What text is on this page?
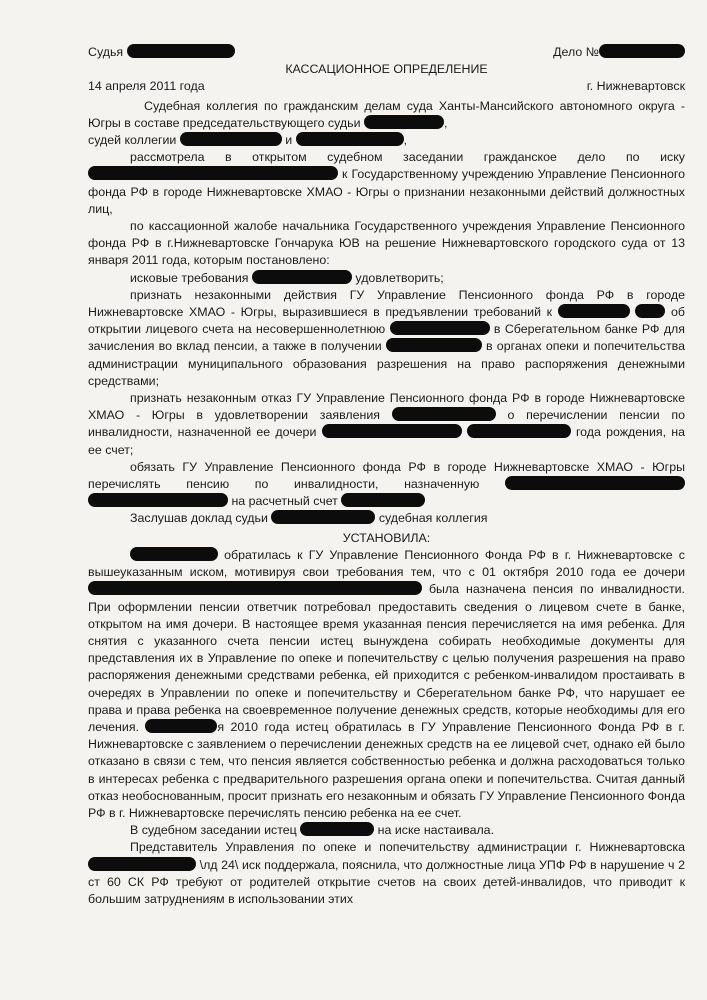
Судья	Дело №
КАССАЦИОННОЕ ОПРЕДЕЛЕНИЕ
14 апреля 2011 года	г. Нижневартовск
Судебная коллегия по гражданским делам суда Ханты-Мансийского автономного округа - Югры в составе председательствующего судьи	,
судей коллегии	и	,
рассмотрела в открытом судебном заседании гражданское дело по иску  к Государственному учреждению Управление Пенсионного фонда РФ в городе Нижневартовске ХМАО - Югры о признании незаконными действий должностных лиц,
по кассационной жалобе начальника Государственного учреждения Управление Пенсионного фонда РФ в г.Нижневартовске Гончарука ЮВ на решение Нижневартовского городского суда от 13 января 2011 года, которым постановлено:
исковые требования	удовлетворить;
признать незаконными действия ГУ Управление Пенсионного фонда РФ в городе Нижневартовске ХМАО - Югры, выразившиеся в предъявлении требований к	об открытии лицевого счета на несовершеннолетнюю	в Сберегательном банке РФ для зачисления во вклад пенсии, а также в получении	в органах опеки и попечительства администрации муниципального образования разрешения на право распоряжения денежными средствами;
признать незаконным отказ ГУ Управление Пенсионного фонда РФ в городе Нижневартовске ХМАО - Югры в удовлетворении заявления	о перечислении пенсии по инвалидности, назначенной ее дочери	года рождения, на ее счет;
обязать ГУ Управление Пенсионного фонда РФ в городе Нижневартовске ХМАО - Югры перечислять пенсию по инвалидности, назначенную   на расчетный счет
Заслушав доклад судьи	судебная коллегия
УСТАНОВИЛА:
обратилась к ГУ Управление Пенсионного Фонда РФ в г. Нижневартовске с вышеуказанным иском, мотивируя свои требования тем, что с 01 октября 2010 года ее дочери  была назначена пенсия по инвалидности. При оформлении пенсии ответчик потребовал предоставить сведения о лицевом счете в банке, открытом на имя дочери. В настоящее время указанная пенсия перечисляется на имя ребенка. Для снятия с указанного счета пенсии истец вынуждена собирать необходимые документы для представления их в Управление по опеке и попечительству с целью получения разрешения на право распоряжения денежными средствами ребенка, ей приходится с ребенком-инвалидом простаивать в очередях в Управлении по опеке и попечительству и Сберегательном банке РФ, что нарушает ее права и права ребенка на своевременное получение денежных средств, которые необходимы для его лечения.	я 2010 года истец обратилась в ГУ Управление Пенсионного Фонда РФ в г. Нижневартовске с заявлением о перечислении денежных средств на ее лицевой счет, однако ей было отказано в связи с тем, что пенсия является собственностью ребенка и должна расходоваться только в интересах ребенка с предварительного разрешения органа опеки и попечительства. Считая данный отказ необоснованным, просит признать его незаконным и обязать ГУ Управление Пенсионного Фонда РФ в г. Нижневартовске перечислять пенсию ребенка на ее счет.
В судебном заседании истец	на иске настаивала.
Представитель Управления по опеке и попечительству администрации г. Нижневартовска  \лд 24\ иск поддержала, пояснила, что должностные лица УПФ РФ в нарушение ч 2 ст 60 СК РФ требуют от родителей открытие счетов на своих детей-инвалидов, что приводит к большим затруднениям в использовании этих
